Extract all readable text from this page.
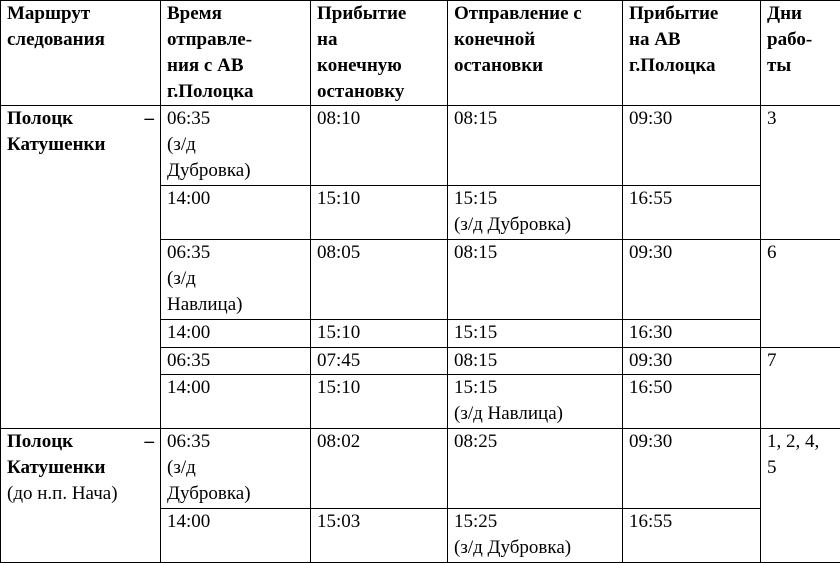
Маршрут
следования	Время
отправле-
ния с АВ
г.Полоцка	Прибытие
на
конечную
остановку	Отправление с
конечной
остановки	Прибытие
на АВ
г.Полоцка	Дни
рабо-
ты

Полоцк –
Катушенки	06:35
(з/д
Дубровка)	08:10	08:15	09:30	3
	14:00	15:10	15:15
(з/д Дубровка)	16:55	
	06:35
(з/д
Навлица)	08:05	08:15	09:30	6
	14:00	15:10	15:15	16:30	
	06:35	07:45	08:15	09:30	7
	14:00	15:10	15:15
(з/д Навлица)	16:50	

Полоцк –
Катушенки
(до н.п. Нача)	06:35
(з/д
Дубровка)	08:02	08:25	09:30	1, 2, 4,
5
	14:00	15:03	15:25
(з/д Дубровка)	16:55	
